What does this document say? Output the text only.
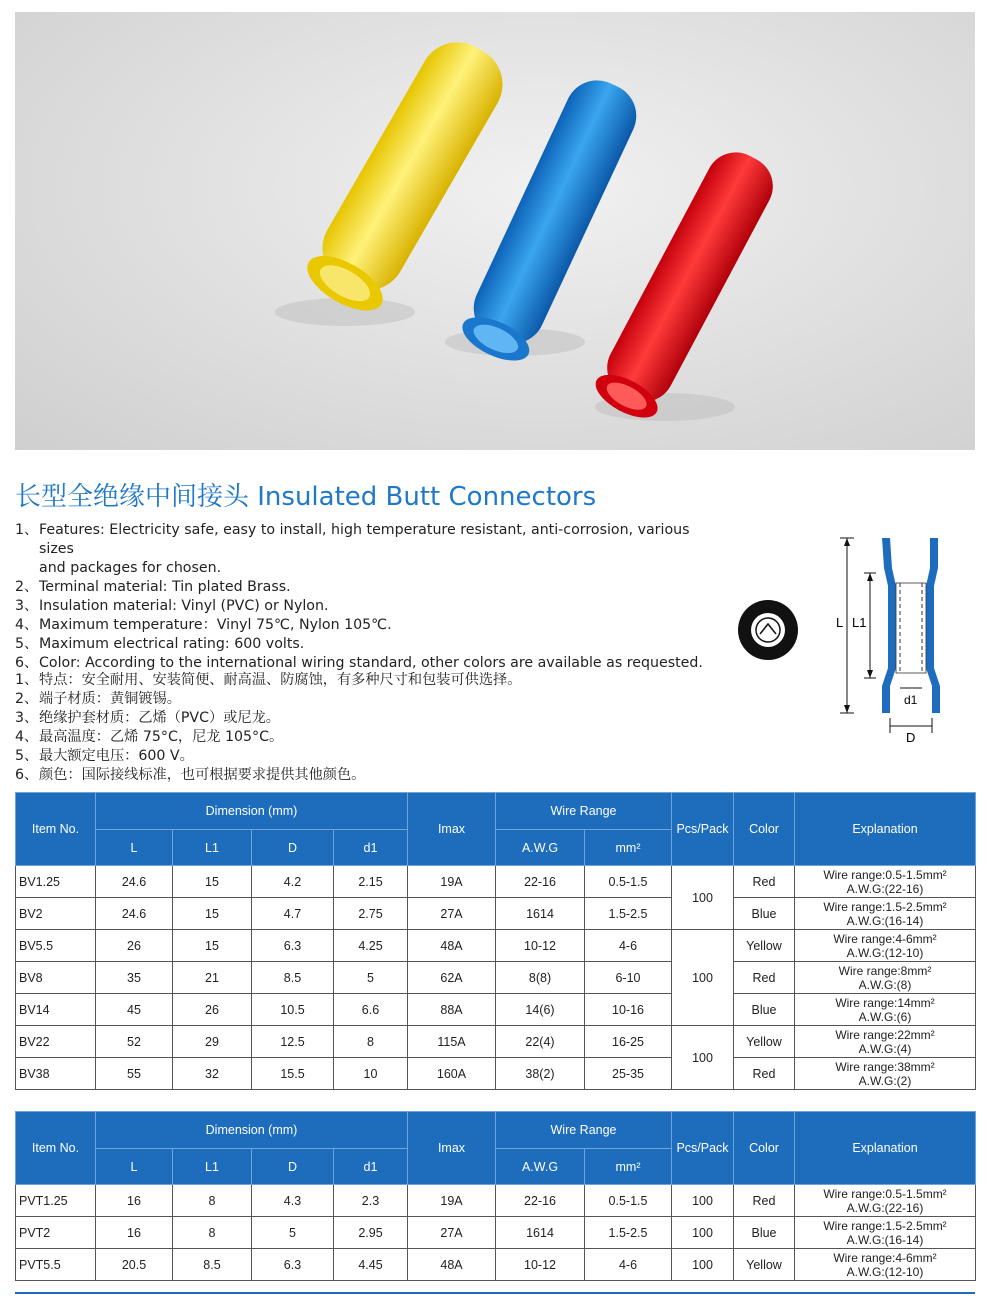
长型全绝缘中间接头 Insulated Butt Connectors
1、 Features: Electricity safe, easy to install, high temperature resistant, anti-corrosion, various sizes
and packages for chosen.
2、 Terminal material: Tin plated Brass.
3、 Insulation material: Vinyl (PVC) or Nylon.
4、 Maximum temperature：Vinyl 75℃, Nylon 105℃.
5、 Maximum electrical rating: 600 volts.
6、 Color: According to the international wiring standard, other colors are available as requested.
1、 特点：安全耐用、安装简便、耐高温、防腐蚀，有多种尺寸和包装可供选择。
2、 端子材质：黄铜镀锡。
3、 绝缘护套材质：乙烯（PVC）或尼龙。
4、 最高温度：乙烯 75°C，尼龙 105°C。
5、 最大额定电压：600 V。
6、 颜色：国际接线标准，也可根据要求提供其他颜色。
L L1
d1
D
Item No.	Dimension (mm)				Imax	Wire Range		Pcs/Pack	Color	Explanation
	L	L1	D	d1		A.W.G	mm²			
BV1.25	24.6	15	4.2	2.15	19A	22-16	0.5-1.5	100	Red	Wire range:0.5-1.5mm²
A.W.G:(22-16)

BV2	24.6	15	4.7	2.75	27A	1614	1.5-2.5		Blue	Wire range:1.5-2.5mm²
A.W.G:(16-14)

BV5.5	26	15	6.3	4.25	48A	10-12	4-6	100	Yellow	Wire range:4-6mm²
A.W.G:(12-10)

BV8	35	21	8.5	5	62A	8(8)	6-10		Red	Wire range:8mm²
A.W.G:(8)

BV14	45	26	10.5	6.6	88A	14(6)	10-16		Blue	Wire range:14mm²
A.W.G:(6)

BV22	52	29	12.5	8	115A	22(4)	16-25	100	Yellow	Wire range:22mm²
A.W.G:(4)

BV38	55	32	15.5	10	160A	38(2)	25-35		Red	Wire range:38mm²
A.W.G:(2)
Item No.	Dimension (mm)				Imax	Wire Range		Pcs/Pack	Color	Explanation
	L	L1	D	d1		A.W.G	mm²			
PVT1.25	16	8	4.3	2.3	19A	22-16	0.5-1.5	100	Red	Wire range:0.5-1.5mm²
A.W.G:(22-16)

PVT2	16	8	5	2.95	27A	1614	1.5-2.5	100	Blue	Wire range:1.5-2.5mm²
A.W.G:(16-14)

PVT5.5	20.5	8.5	6.3	4.45	48A	10-12	4-6	100	Yellow	Wire range:4-6mm²
A.W.G:(12-10)
